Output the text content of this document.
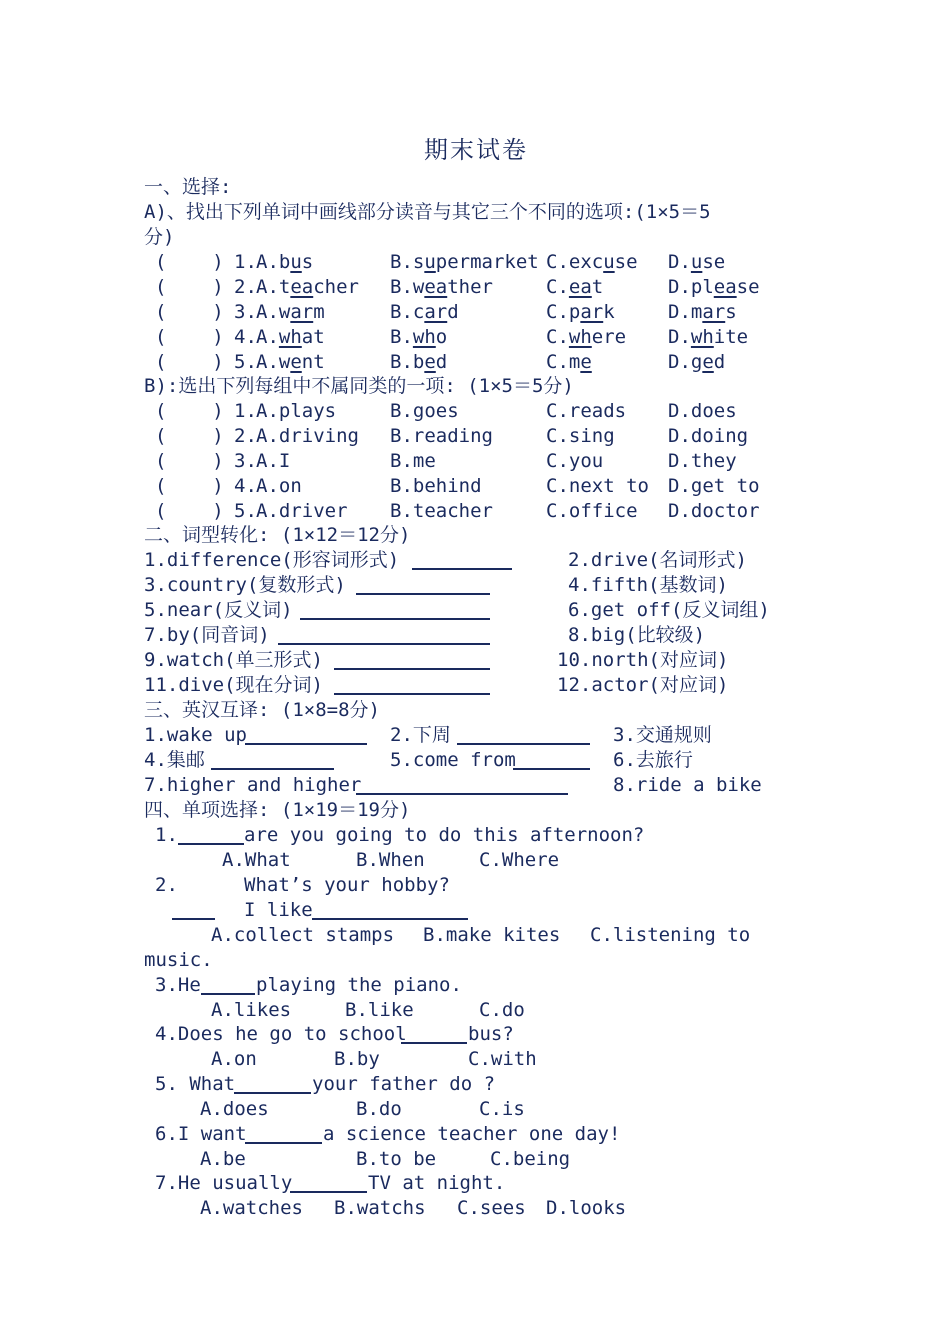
期末试卷
一、选择:
A)、找出下列单词中画线部分读音与其它三个不同的选项:(1×5＝5
分)
(    ) 1. A.bus	B.supermarket C.excuse D.use
(    ) 2. A.teacher B.weather	C.eat	D.please
(    ) 3. A.warm	B.card	C.park	D.mars
(    ) 4. A.what	B.who	C.where D.white
(    ) 5. A.went	B.bed	C.me	D.ged
B):选出下列每组中不属同类的一项: (1×5＝5分)
(    ) 1. A.plays	B.goes	C.reads D.does
(    ) 2. A.driving B.reading	C.sing	D.doing
(    ) 3. A.I	B.me	C.you	D.they
(    ) 4. A.on	B.behind	C.next to D.get to
(    ) 5. A.driver B.teacher	C.office D.doctor
二、词型转化: (1×12＝12分)
1.difference(形容词形式)	2.drive(名词形式)
3.country(复数形式)	4.fifth(基数词)
5.near(反义词)	6.get off(反义词组)
7.by(同音词)	8.big(比较级)
9.watch(单三形式)	10.north(对应词)
11.dive(现在分词)	12.actor(对应词)
三、英汉互译: (1×8=8分)
1.wake up	2.下周	3.交通规则
4.集邮	5.come from	6.去旅行
7.higher and higher	8.ride a bike
四、单项选择: (1×19＝19分)
1.	are you going to do this afternoon?
A.What	B.When	C.Where
2.	What’s your hobby?
I like
A.collect stamps B.make kites C.listening to
music.
3.He	playing the piano.
A.likes	B.like	C.do
4.Does he go to school	bus?
A.on	B.by	C.with
5. What	your father do ?
A.does	B.do	C.is
6.I want	a science teacher one day!
A.be	B.to be	C.being
7.He usually	TV at night.
A.watches B.watchs C.sees D.looks
